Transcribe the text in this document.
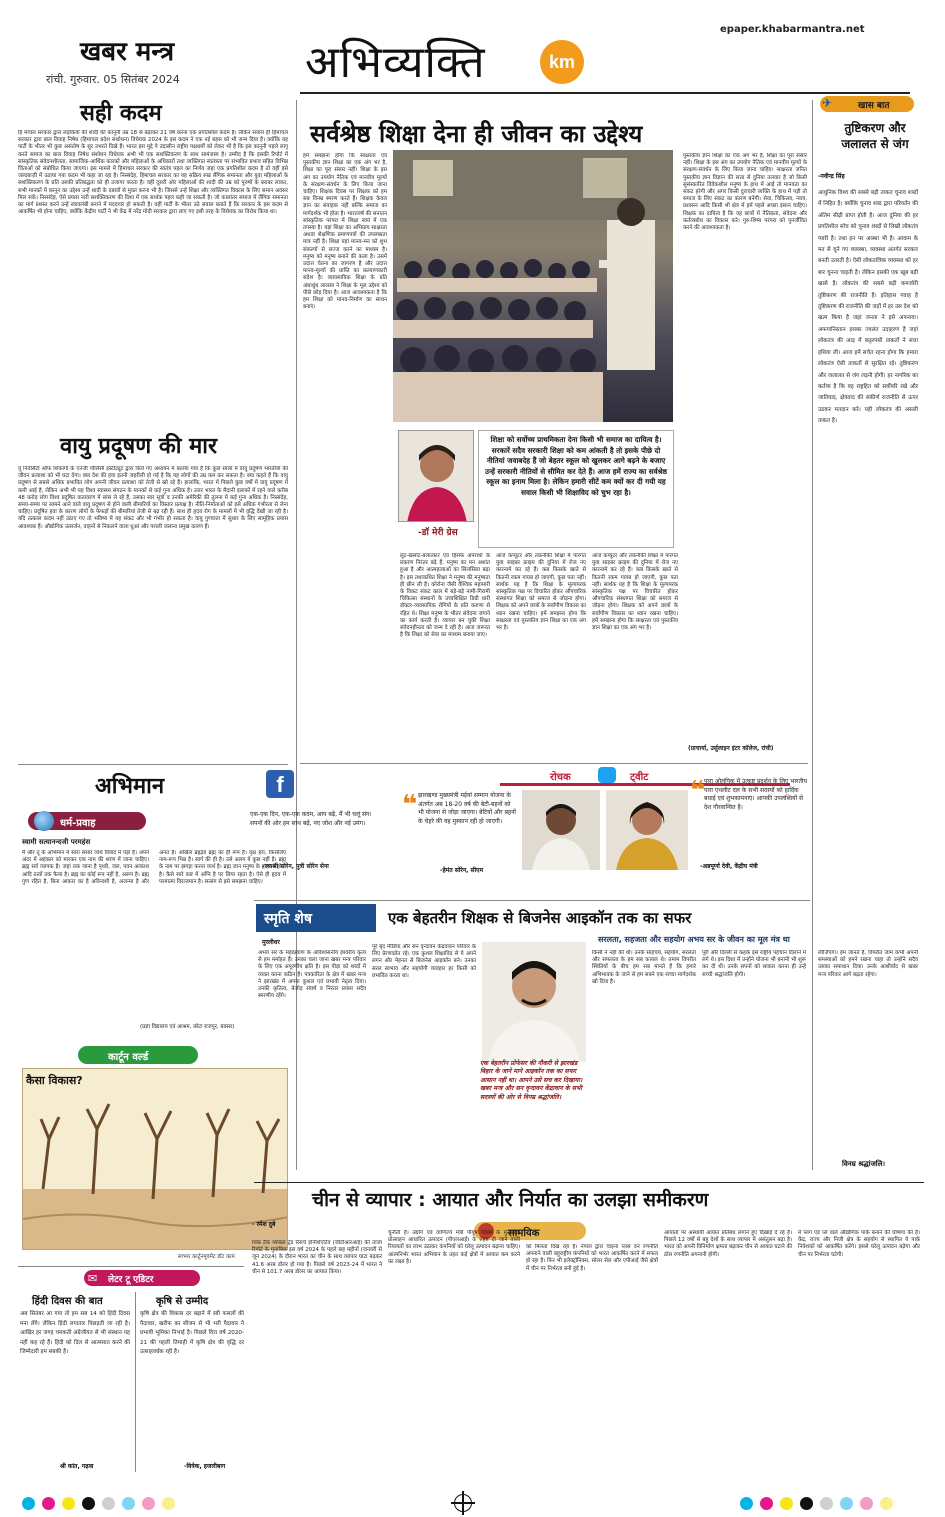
खबर मन्त्र
रांची. गुरुवार. 05 सितंबर 2024	अभिव्यक्ति	km
epaper.khabarmantra.net
सही कदम
हि माचल सरकार द्वारा लड़कियों की शादी की कानूनी उम्र 18 से बढ़ाकर 21 वर्ष करना एक प्रगतिशील कदम है। लेकिन सवाल ही हिमाचल सरकार द्वारा बाल विवाह निषेध (हिमाचल प्रदेश संशोधन) विधेयक 2024 के इस कदम ने एक नई बहस को भी जन्म दिया है। क्योंकि यह पार्टी के भीतर भी कुछ असंतोष के सुर उभरते दिखे हैं। भारत इस मुद्दे पे उदासीन राष्ट्रीय पक्षधर्मों को लेकर भी है कि इस कानूनी पहले लागू करते समाज का बाल विवाह निषेध संशोधन विधेयक अभी भी एक सशक्तिकरण के साथ सामंजस्य है। उम्मीद है कि इसकी रिपोर्ट में सांस्कृतिक संवेदनशीलता, सामाजिक-आर्थिक कारकों और महिलाओं के अधिकारों तथा व्यक्तिगत स्वतंत्रता पर संभावित प्रभाव सहित विभिन्न चिंताओं को संबोधित किया जाएगा। इस मामले में हिमाचल सरकार की स्वतंत्र पहल का निर्णय जहां एक प्रगतिशील कदम है तो वहीं इसे जल्दबाजी में उठाया गया कदम भी कहा जा रहा है। निस्संदेह, हिमाचल सरकार का यह सक्रिय रुख लैंगिक समानता और युवा महिलाओं के सशक्तिकरण के प्रति उसकी प्रतिबद्धता को ही उजागर करता है। वहीं दूसरी ओर महिलाओं की शादी की उम्र को पुरुषों के बराबर लाकर, सभी मानकों में कानून का उद्देश्य उन्हें शादी के दबावों से मुक्त करना भी है। जिससे उन्हें शिक्षा और व्यक्तिगत विकास के लिए समान अवसर मिल सकें। निस्संदेह, ऐसे प्रयास नारी सशक्तिकरण की दिशा में एक सार्थक पहल कही जा सकती है। जो कालांतर समाज में लैंगिक समानता का मार्ग प्रशस्त करने उन्हें स्वावलंबी बनाने में मददगार हो सकती है। वहीं पार्टी के भीतर उठे सवाल बताते हैं कि सरकार के इस कदम से आकर्षित भी होना चाहिए, क्योंकि केंद्रीय पार्टी ने भी केंद्र में नरेंद्र मोदी सरकार द्वारा लाए गए इसी तरह के विधेयक का विरोध किया था।
वायु प्रदूषण की मार
यू निवर्सिटी ऑफ शिकागो के एनर्जी पॉलिसी इंस्टीट्यूट द्वारा किये गए अध्ययन में बताया गया है कि कुछ सालों में वायु प्रदूषण भारतीयों की जीवन प्रत्याशा को भी घटा देगा। क्या देश की हवा इतनी जहरीली हो गई है कि यह लोगों की उम्र कम कर सकता है। क्या कहते हैं कि वायु प्रदूषण से सबसे अधिक प्रभावित लोग अपनी जीवन प्रत्याशा को तेजी से खो रहे हैं। हालांकि, भारत में पिछले कुछ वर्षों में वायु प्रदूषण में कमी आई है, लेकिन अभी भी यह विश्व स्वास्थ्य संगठन के मानकों से कई गुना अधिक है। उत्तर भारत के मैदानी इलाकों में रहने वाले करीब 48 करोड़ लोग विश्व प्रदूषित वातावरण में सांस ले रहे हैं, उसका सार सूत्रों व उनकी अमेरिकी की तुलना में कई गुना अधिक है। निस्संदेह, समय-समय पर सामने आने वाले वायु प्रदूषण से होने वाली बीमारियों का विस्तार प्रत्यक्ष है। नीति-निर्माताओं को इसे अधिक गंभीरता से लेना चाहिए। प्रदूषित हवा के कारण लोगों के फेफड़ों की बीमारियां तेजी से बढ़ रही हैं। साथ ही हृदय रोग के मामलों में भी वृद्धि देखी जा रही है। यदि तत्काल कदम नहीं उठाए गए तो भविष्य में यह संकट और भी गंभीर हो सकता है। वायु गुणवत्ता में सुधार के लिए सामूहिक प्रयास आवश्यक हैं। औद्योगिक उत्सर्जन, वाहनों से निकलने वाला धुआं और पराली जलाना प्रमुख कारण हैं।
अभिमान
धर्म-प्रवाह
स्वामी सत्यानन्दजी परमहंस
मैं और तू के अभिमान में सारा संसार व्यर्थ विवाद में पड़ा है। अपने अंदर में अहंकार को मारकर एक नाम की शरण में जाना चाहिए। ब्रह्म सर्व व्यापक है। जहां तक जाना है पृथ्वी, जल, पवन आकाश आदि तत्वों तक फैला है। ब्रह्म का कोई रूप नहीं है, अरूप है। ब्रह्म गुण रहित है, बिना आकार का है अविनाशी है, अजन्मा है और अनंत है। अखिल ब्रह्मांड ब्रह्म का ही रूप है। वृक्ष हरा, किसलिए नाम-रूप भिन्न है। स्वर्ग की ही है। उसे अलग ये कुछ नहीं है। ब्रह्म के नाम पर झगड़ा करना व्यर्थ है। ब्रह्म जान मनुष्य के हृदय में होता है। कैसे सारे कष्ट में अग्नि है पर छिपा रहता है। ऐसे ही हृदय में परमात्मा विराजमान है। सत्संग से इसे समझना चाहिए।
(प्रज्ञा विद्यालय एवं आश्रम, छोटा राजपुर, बक्सर)
कार्टून वर्ल्ड
कैसा विकास?
साभार कार्टूनमूवमेंट डॉट काम
सर्वश्रेष्ठ शिक्षा देना ही जीवन का उद्देश्य
हमें समझना होगा कि साक्षरता एवं पुस्तकीय ज्ञान शिक्षा का एक अंग भर है, शिक्षा का पूरा संसार नहीं। शिक्षा के इस अंग का उपयोग नैतिक एवं मानवीय मूल्यों के संरक्षण-संवर्धन के लिए किया जाना चाहिए। शिक्षक दिवस पर शिक्षक को हम सब विनम्र स्मरण करते हैं। शिक्षक केवल ज्ञान का संवाहक नहीं बल्कि समाज का मार्गदर्शक भी होता है। भारतवर्ष की सनातन सांस्कृतिक परंपरा में शिक्षा स्वयं में एक तपस्या है। यहां शिक्षा का अभिप्राय साक्षरता अथवा शैक्षणिक प्रमाणपत्रों की उपलब्धता मात्र नहीं है। शिक्षा यहां मानव-मन को शुभ संकल्पों से सज्ज करने का माध्यम है। मनुष्य को मनुष्य बनाने की कला है। उसमें उदात्त चेतना का जागरण है और उदात्त मानव-मूल्यों की प्राप्ति का कल्याणकारी संदेश है। व्यावसायिक शिक्षा के प्रति अंधाधुंध लालसा ने शिक्षा के मूल उद्देश्य को पीछे छोड़ दिया है। आज आवश्यकता है कि हम शिक्षा को मानव-निर्माण का साधन बनाएं।
-डॉ मेरी ग्रेस
शिक्षा को सर्वोच्च प्राथमिकता देना किसी भी समाज का दायित्व है। सरकारें सदैव सरकारी शिक्षा को कम आंकती है तो इसके पीछे दो नीतियां जवाबदेह हैं जो बेहतर स्कूल को खुलकर आगे बढ़ने के बजाए उन्हें सरकारी नीतियों से सीमित कर देते हैं। आज हमें राज्य का सर्वश्रेष्ठ स्कूल का इनाम मिला है। लेकिन हमारी सीटें कम क्यों कर दी गयी यह सवाल किसी भी शिक्षाविद को चुभ रहा है।
लूट-खसोट-बलात्कार एवं हिंसक अपराधों के प्रकरण निरंतर बढ़े हैं, मनुष्य का मन अशांत हुआ है और आत्महत्याओं का सिलसिला बढ़ा है। इस तथाकथित शिक्षा ने मनुष्य की मनुष्यता ही छीन ली है। कोरोना जैसी वैश्विक महामारी के विकट संकट काल में बड़े-बड़े नामी-गिरामी चिकित्सा संस्थानों के उच्चशिक्षित डिग्री धारी डॉक्टर-व्यवसायिक रोगियों के प्रति करुणा से रहित थे। शिक्षा मनुष्य के भीतर संवेदना जगाने का कार्य करती है। व्यापार बन चुकी शिक्षा संवेदनहीनता को जन्म दे रही है। आज जरूरत है कि शिक्षा को सेवा का माध्यम बनाया जाए।
आज कंप्यूटर और तकनीकी शिक्षा में पारंगत युवा साइबर क्राइम की दुनिया में रोज नए कारनामे कर रहे हैं। कब किसके खाते से कितनी रकम गायब हो जाएगी, कुछ पता नहीं। सार्थक यह है कि शिक्षा के मूल्यपरक सांस्कृतिक पक्ष पर विचारित होकर औपचारिक संस्थागत शिक्षा को समाज से जोड़ना होगा। शिक्षक को अपने छात्रों के सर्वांगीण विकास का ध्यान रखना चाहिए। हमें समझना होगा कि साक्षरता एवं पुस्तकीय ज्ञान शिक्षा का एक अंग भर है।
आज कंप्यूटर और तकनीकी शिक्षा में पारंगत युवा साइबर क्राइम की दुनिया में रोज नए कारनामे कर रहे हैं। कब किसके खाते से कितनी रकम गायब हो जाएगी, कुछ पता नहीं। सार्थक यह है कि शिक्षा के मूल्यपरक सांस्कृतिक पक्ष पर विचारित होकर औपचारिक संस्थागत शिक्षा को समाज से जोड़ना होगा। शिक्षक को अपने छात्रों के सर्वांगीण विकास का ध्यान रखना चाहिए। हमें समझना होगा कि साक्षरता एवं पुस्तकीय ज्ञान शिक्षा का एक अंग भर है।
पुस्तकीय ज्ञान शिक्षा का एक अंग भर है, शिक्षा का पूरा संसार नहीं। शिक्षा के इस अंग का उपयोग नैतिक एवं मानवीय मूल्यों के संरक्षण-संवर्धन के लिए किया जाना चाहिए। साक्षरता जनित पुस्तकीय ज्ञान विज्ञान की सत्ता से दुनिया तलवार है जो किसी सुसंस्कारित विवेकशील मनुष्य के हाथ में आई तो मानवता का संकट हरेगी और अगर किसी दुराचारी व्यक्ति के हाथ में पड़ी तो समाज के लिए संकट का कारण बनेगी। सेवा, चिकित्सा, न्याय, प्रशासन आदि किसी भी क्षेत्र में हमें पहले अच्छा इंसान चाहिए। शिक्षक का दायित्व है कि वह छात्रों में नैतिकता, संवेदना और कर्तव्यबोध का विकास करे। गुरु-शिष्य परंपरा को पुनर्जीवित करने की आवश्यकता है।
(प्राचार्या, उर्सुलाइन इंटर कॉलेज, रांची)
✈	खास बात
तुष्टिकरण और जलालत से जंग
-नवीन्द्र सिंह
आधुनिक विश्व की सबसे बड़ी ताकत चुनाव शब्दों में निहित है। क्योंकि चुनाव शब्द द्वारा परिवर्तन की अंतिम सीढ़ी प्राप्त होती है। आज दुनिया की हर प्रगतिशील सोच को चुनाव शब्दों से लिखी लोकतंत्र प्यारी है। तथा इन पर आस्था भी है। आवाम के मत से चुने गए व्यवस्था, व्यवस्था अंतर्गत सरकार बनती उतरती है। ऐसी लोकतांत्रिक व्यवस्था को हर बार चुनना चाहती है। लेकिन इसकी एक खूब बड़ी खासे है। लोकतंत्र की सबसे बड़ी कमजोरी तुष्टिकरण की राजनीति है। इतिहास गवाह है तुष्टिकरण की राजनीति की जड़ों में हर उस देश को खत्म किया है जहां जनता ने इसे अपनाया। अफगानिस्तान इसका ज्वलंत उदाहरण है जहां लोकतंत्र की आड़ में कट्टरपंथी ताकतों ने सत्ता हथिया ली। आज हमें सचेत रहना होगा कि हमारा लोकतंत्र ऐसी ताकतों से सुरक्षित रहे। तुष्टिकरण और जलालत से जंग लड़नी होगी। हर नागरिक का कर्तव्य है कि वह राष्ट्रहित को सर्वोपरि रखे और जातिवाद, क्षेत्रवाद की संकीर्ण राजनीति से ऊपर उठकर मतदान करे। यही लोकतंत्र की असली ताकत है।
f
एक-एक दिन, एक-एक कदम, आप बढ़ें, मैं भी चलूं संग। सपनों की ओर हम साथ बढ़ें, नए जोश और नई उमंग।
-जयश्री सोरेन, पुत्री सोरेन सेना
रोचक	ट्वीट
❝ झारखण्ड मुख्यमंत्री मईयां सम्मान योजना के अंतर्गत अब 18-20 वर्ष की बेटी-बहनों को भी योजना से जोड़ा जाएगा। बेटियों और बहनों के चेहरे की यह मुस्कान रही हो जाएगी।
-हेमंत सोरेन, सीएम
❝
पारा ओलंपिक में उत्कृष्ट प्रदर्शन के लिए भारतीय पारा एथलीट दल के सभी सदस्यों को हार्दिक बधाई एवं शुभकामनाएं। आपकी उपलब्धियों से देश गौरवान्वित है।
-अन्नपूर्णा देवी, केंद्रीय मंत्री
स्मृति शेष	एक बेहतरीन शिक्षक से बिजनेस आइकॉन तक का सफर
सरलता, सहजता और सहयोग अभय सर के जीवन का मूल मंत्र था
मुरलीधर
अभय सर के महाप्रयाण के अविश्वसनीय ईश्वरीय कृत्य से हम मर्माहत हैं। उनका चला जाना खबर मन्त्र परिवार के लिए एक अपूरणीय क्षति है। इस पीड़ा को शब्दों में व्यक्त करना कठिन है। पत्रकारिता के क्षेत्र में खबर मन्त्र ने झारखंड में अपना कुशल एवं प्रभावी नेतृत्व दिया। उनकी कृतित्व, बेजोड़ संघर्ष व निरंतर प्रयास सदैव स्मरणीय रहेंगे।
पूरे बृंद मीडिया और सन वृन्दावन केंद्रवावन परिवार के लिए प्रेरणाप्रोत रहे। एक कुशल शिक्षाविद से ये अपने लगन और मेहनत से बिजनेस आइकॉन बने। उनका सरल स्वभाव और सहयोगी व्यवहार हर किसी को प्रभावित करता था।
एक बेहतरीन प्रोफेसर की नौकरी से झारखंड बिहार के जाने माने आइकॉन तक का सफर आसान नहीं था। आपने उसे सच कर दिखाया। खबर मन्त्र और सन वृन्दावन केंद्रावान के सभी सदस्यों की ओर से विनम्र श्रद्धांजलि।
किसी ने नहीं की थी। उनके साहचर्य, सहयोग, सरलता और सफलता के हम सब कायल थे। तमाम विपरीत स्थितियों के बीच हम सब मानते हैं कि हमारे अभिभावक के जाने से हम सबने एक सच्चा मार्गदर्शक खो दिया है।
पूरी और दिल्ली से कहके इसे राष्ट्रीय पहचान दिलाने में लगे थे। इस दिशा में उन्होंने योजना भी बनानी भी शुरू कर दी थी। उनके सपनों को साकार करना ही उन्हें सच्ची श्रद्धांजलि होगी।
लीजिएगा। हम जानते हैं, विपरीत जाम कभी अपनी समस्याओं को हमने रखना चाहा तो उन्होंने सदैव उसका समाधान दिया। उनके आशीर्वाद से खबर मन्त्र परिवार आगे बढ़ता रहेगा।
विनम्र श्रद्धांजलि।
चीन से व्यापार : आयात और निर्यात का उलझा समीकरण
- रमेश दुबे
सामयिक
थिंक टैंक ग्लोबल ट्रेड रिसर्च इनिशिएटिव (जीटीआरआई) की ताजा रिपोर्ट के मुताबिक इस वर्ष 2024 के पहले छह महीनों (जनवरी से जून 2024) के दौरान भारत का चीन के साथ व्यापार घाटा बढ़कर 41.6 अरब डॉलर हो गया है। पिछले वर्ष 2023-24 में भारत ने चीन से 101.7 अरब डॉलर का आयात किया।
चुनौती है। उद्योग एवं वाणिज्य मंत्री पीयूष गोयल के मुताबिक प्रोत्साहन आधारित उत्पादन (पीएलआई) के तहत दी जाने वाली रियायतों का लाभ उठाकर कंपनियों को घरेलू उत्पादन बढ़ाना चाहिए। आत्मनिर्भर भारत अभियान के तहत कई क्षेत्रों में आयात कम करने का लक्ष्य है।
को मिलता दिख रहा है। नेपाल द्वारा चाइना प्लस वन रणनीति अपनाने वाली बहुराष्ट्रीय कंपनियों को भारत आकर्षित करने में सफल हो रहा है। फिर भी इलेक्ट्रॉनिक्स, सोलर सेल और एपीआई जैसे क्षेत्रों में चीन पर निर्भरता बनी हुई है।
आयातों पर अस्थायी आयात प्रतिबंध लगाने हुए दिखाई दे रहे हैं। पिछले 12 वर्षों से बहु देशों के साथ व्यापार में असंतुलन बढ़ा है। भारत को अपनी विनिर्माण क्षमता बढ़ाकर चीन से आयात घटाने की ठोस रणनीति अपनानी होगी।
में प्लग एंड प्ले वाले औद्योगिक पार्क बनाने की घोषणा की है। केंद्र, राज्य और निजी क्षेत्र के सहयोग से स्थापित ये पार्क निवेशकों को आकर्षित करेंगे। इससे घरेलू उत्पादन बढ़ेगा और चीन पर निर्भरता घटेगी।
✉ लेटर टू एडिटर
हिंदी दिवस की बात
अब सितंबर आ गया तो हम सब 14 को हिंदी दिवस मना लेंगे। लेकिन हिंदी लगातार पिछड़ती जा रही है। आखिर हर जगह चमकती अंग्रेजीयत से भी संस्थान यह नहीं कह रहे हैं। हिंदी को दिल से आत्मसात करने की जिम्मेदारी हम सबकी है।
श्री कांत, गढ़वा
कृषि से उम्मीद
कृषि क्षेत्र की विकास दर बढ़ाने में रबी फसलों की पैदावार, खरीफ का सीजन से भी भरी पैदावार ने प्रभावी भूमिका निभाई है। पिछले वित्त वर्ष 2020-21 की पहली तिमाही में कृषि क्षेत्र की वृद्धि दर उत्साहवर्धक रही है।
-विवेक, हजारीबाग
